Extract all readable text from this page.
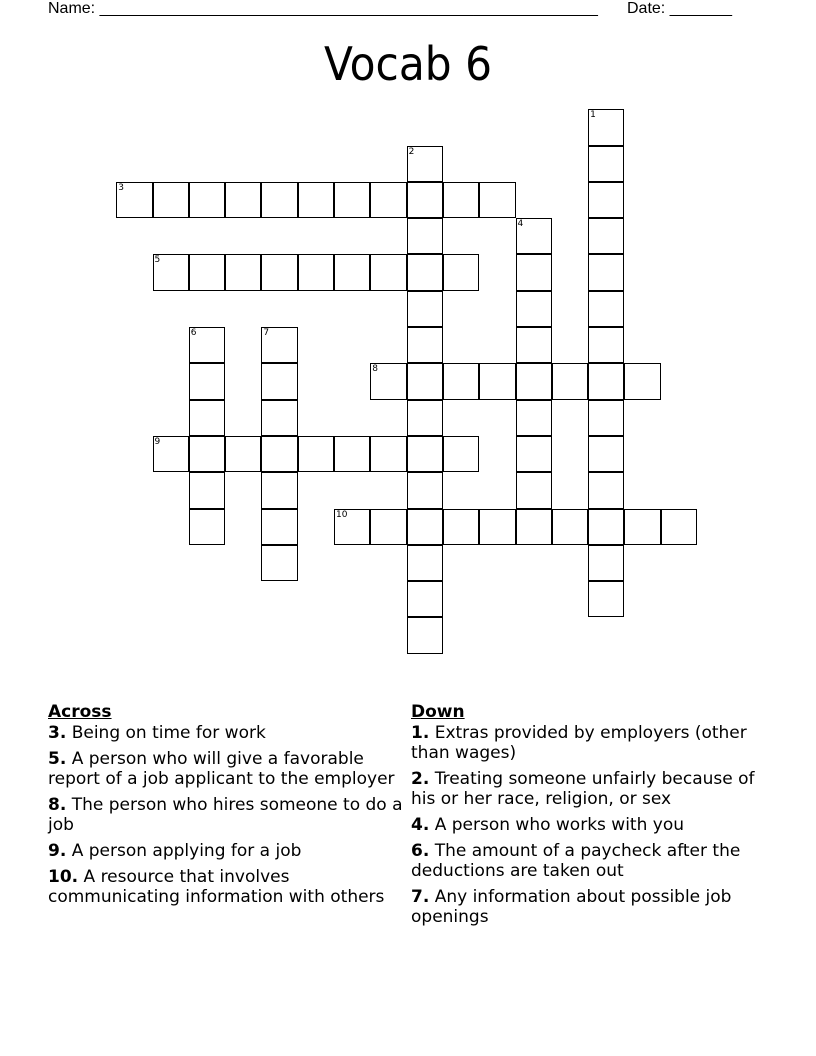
Name: ________________________________________________________ Date: _______
Vocab 6
1
2
3
4
5
6	7
8
9
10
Across
3. Being on time for work
5. A person who will give a favorable report of a job applicant to the employer
8. The person who hires someone to do a job
9. A person applying for a job
10. A resource that involves communicating information with others
Down
1. Extras provided by employers (other than wages)
2. Treating someone unfairly because of his or her race, religion, or sex
4. A person who works with you
6. The amount of a paycheck after the deductions are taken out
7. Any information about possible job openings
